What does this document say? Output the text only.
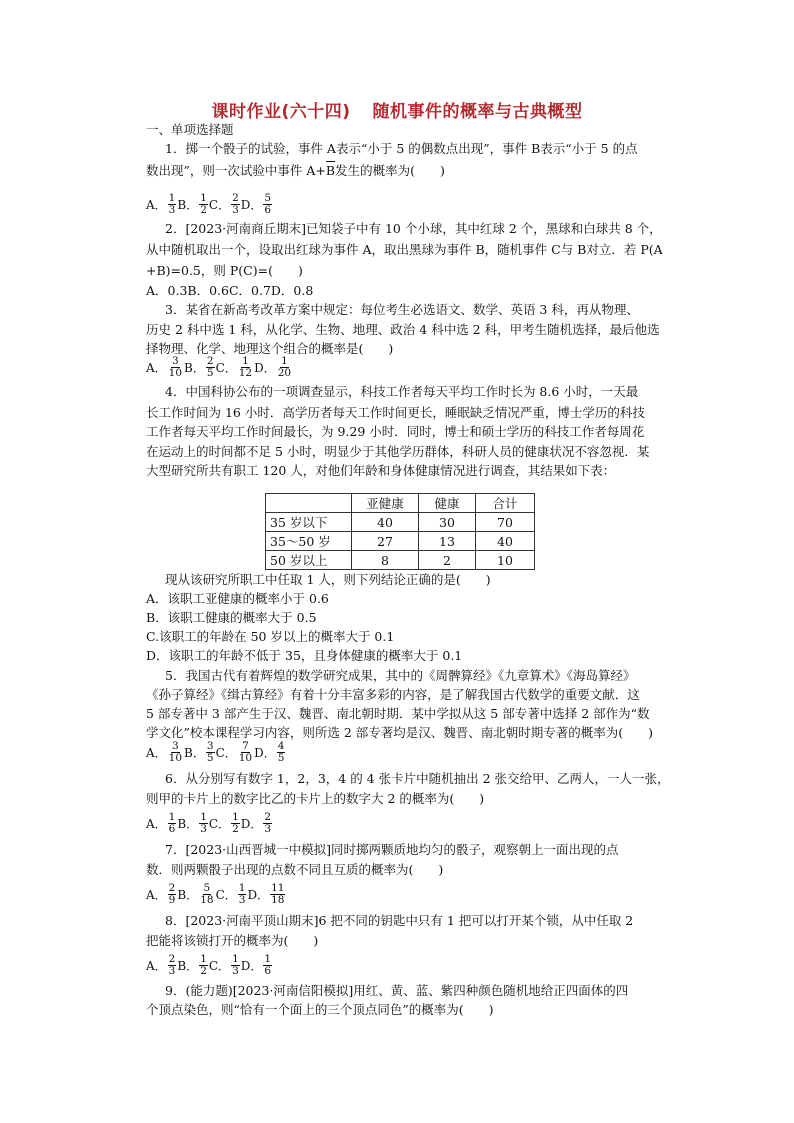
课时作业(六十四) 随机事件的概率与古典概型
一、单项选择题
1．掷一个骰子的试验，事件 A表示“小于 5 的偶数点出现”，事件 B表示“小于 5 的点
数出现”，则一次试验中事件 A+B发生的概率为(　　)
A． $\frac{1}{3}$ B． $\frac{1}{2}$ C． $\frac{2}{3}$ D． $\frac{5}{6}$
2．[2023·河南商丘期末]已知袋子中有 10 个小球，其中红球 2 个，黑球和白球共 8 个，
从中随机取出一个，设取出红球为事件 A，取出黑球为事件 B，随机事件 C与 B对立．若 P(A
+B)=0.5，则 P(C)=(　　)
A．0.3B．0.6C．0.7D．0.8
3．某省在新高考改革方案中规定：每位考生必选语文、数学、英语 3 科，再从物理、
历史 2 科中选 1 科，从化学、生物、地理、政治 4 科中选 2 科，甲考生随机选择，最后他选
择物理、化学、地理这个组合的概率是(　　)
A． $\frac{3}{10}$ B． $\frac{2}{5}$ C． $\frac{1}{12}$ D． $\frac{1}{20}$
4．中国科协公布的一项调查显示，科技工作者每天平均工作时长为 8.6 小时，一天最
长工作时间为 16 小时．高学历者每天工作时间更长，睡眠缺乏情况严重，博士学历的科技
工作者每天平均工作时间最长，为 9.29 小时．同时，博士和硕士学历的科技工作者每周花
在运动上的时间都不足 5 小时，明显少于其他学历群体，科研人员的健康状况不容忽视．某
大型研究所共有职工 120 人，对他们年龄和身体健康情况进行调查，其结果如下表：
	亚健康	健康	合计
35 岁以下	40	30	70
35～50 岁	27	13	40
50 岁以上	8	2	10
现从该研究所职工中任取 1 人，则下列结论正确的是(　　)
A．该职工亚健康的概率小于 0.6
B．该职工健康的概率大于 0.5
C.该职工的年龄在 50 岁以上的概率大于 0.1
D．该职工的年龄不低于 35，且身体健康的概率大于 0.1
5．我国古代有着辉煌的数学研究成果，其中的《周髀算经》《九章算术》《海岛算经》
《孙子算经》《缉古算经》有着十分丰富多彩的内容，是了解我国古代数学的重要文献．这
5 部专著中 3 部产生于汉、魏晋、南北朝时期．某中学拟从这 5 部专著中选择 2 部作为“数
学文化”校本课程学习内容，则所选 2 部专著均是汉、魏晋、南北朝时期专著的概率为(　　)
A． $\frac{3}{10}$ B． $\frac{3}{5}$ C． $\frac{7}{10}$ D． $\frac{4}{5}$
6．从分别写有数字 1，2，3，4 的 4 张卡片中随机抽出 2 张交给甲、乙两人，一人一张，
则甲的卡片上的数字比乙的卡片上的数字大 2 的概率为(　　)
A． $\frac{1}{6}$ B． $\frac{1}{3}$ C． $\frac{1}{2}$ D． $\frac{2}{3}$
7．[2023·山西晋城一中模拟]同时掷两颗质地均匀的骰子，观察朝上一面出现的点
数．则两颗骰子出现的点数不同且互质的概率为(　　)
A． $\frac{2}{9}$ B． $\frac{5}{18}$ C． $\frac{1}{3}$ D． $\frac{11}{18}$
8．[2023·河南平顶山期末]6 把不同的钥匙中只有 1 把可以打开某个锁，从中任取 2
把能将该锁打开的概率为(　　)
A． $\frac{2}{3}$ B． $\frac{1}{2}$ C． $\frac{1}{3}$ D． $\frac{1}{6}$
9．(能力题)[2023·河南信阳模拟]用红、黄、蓝、紫四种颜色随机地给正四面体的四
个顶点染色，则“恰有一个面上的三个顶点同色”的概率为(　　)
